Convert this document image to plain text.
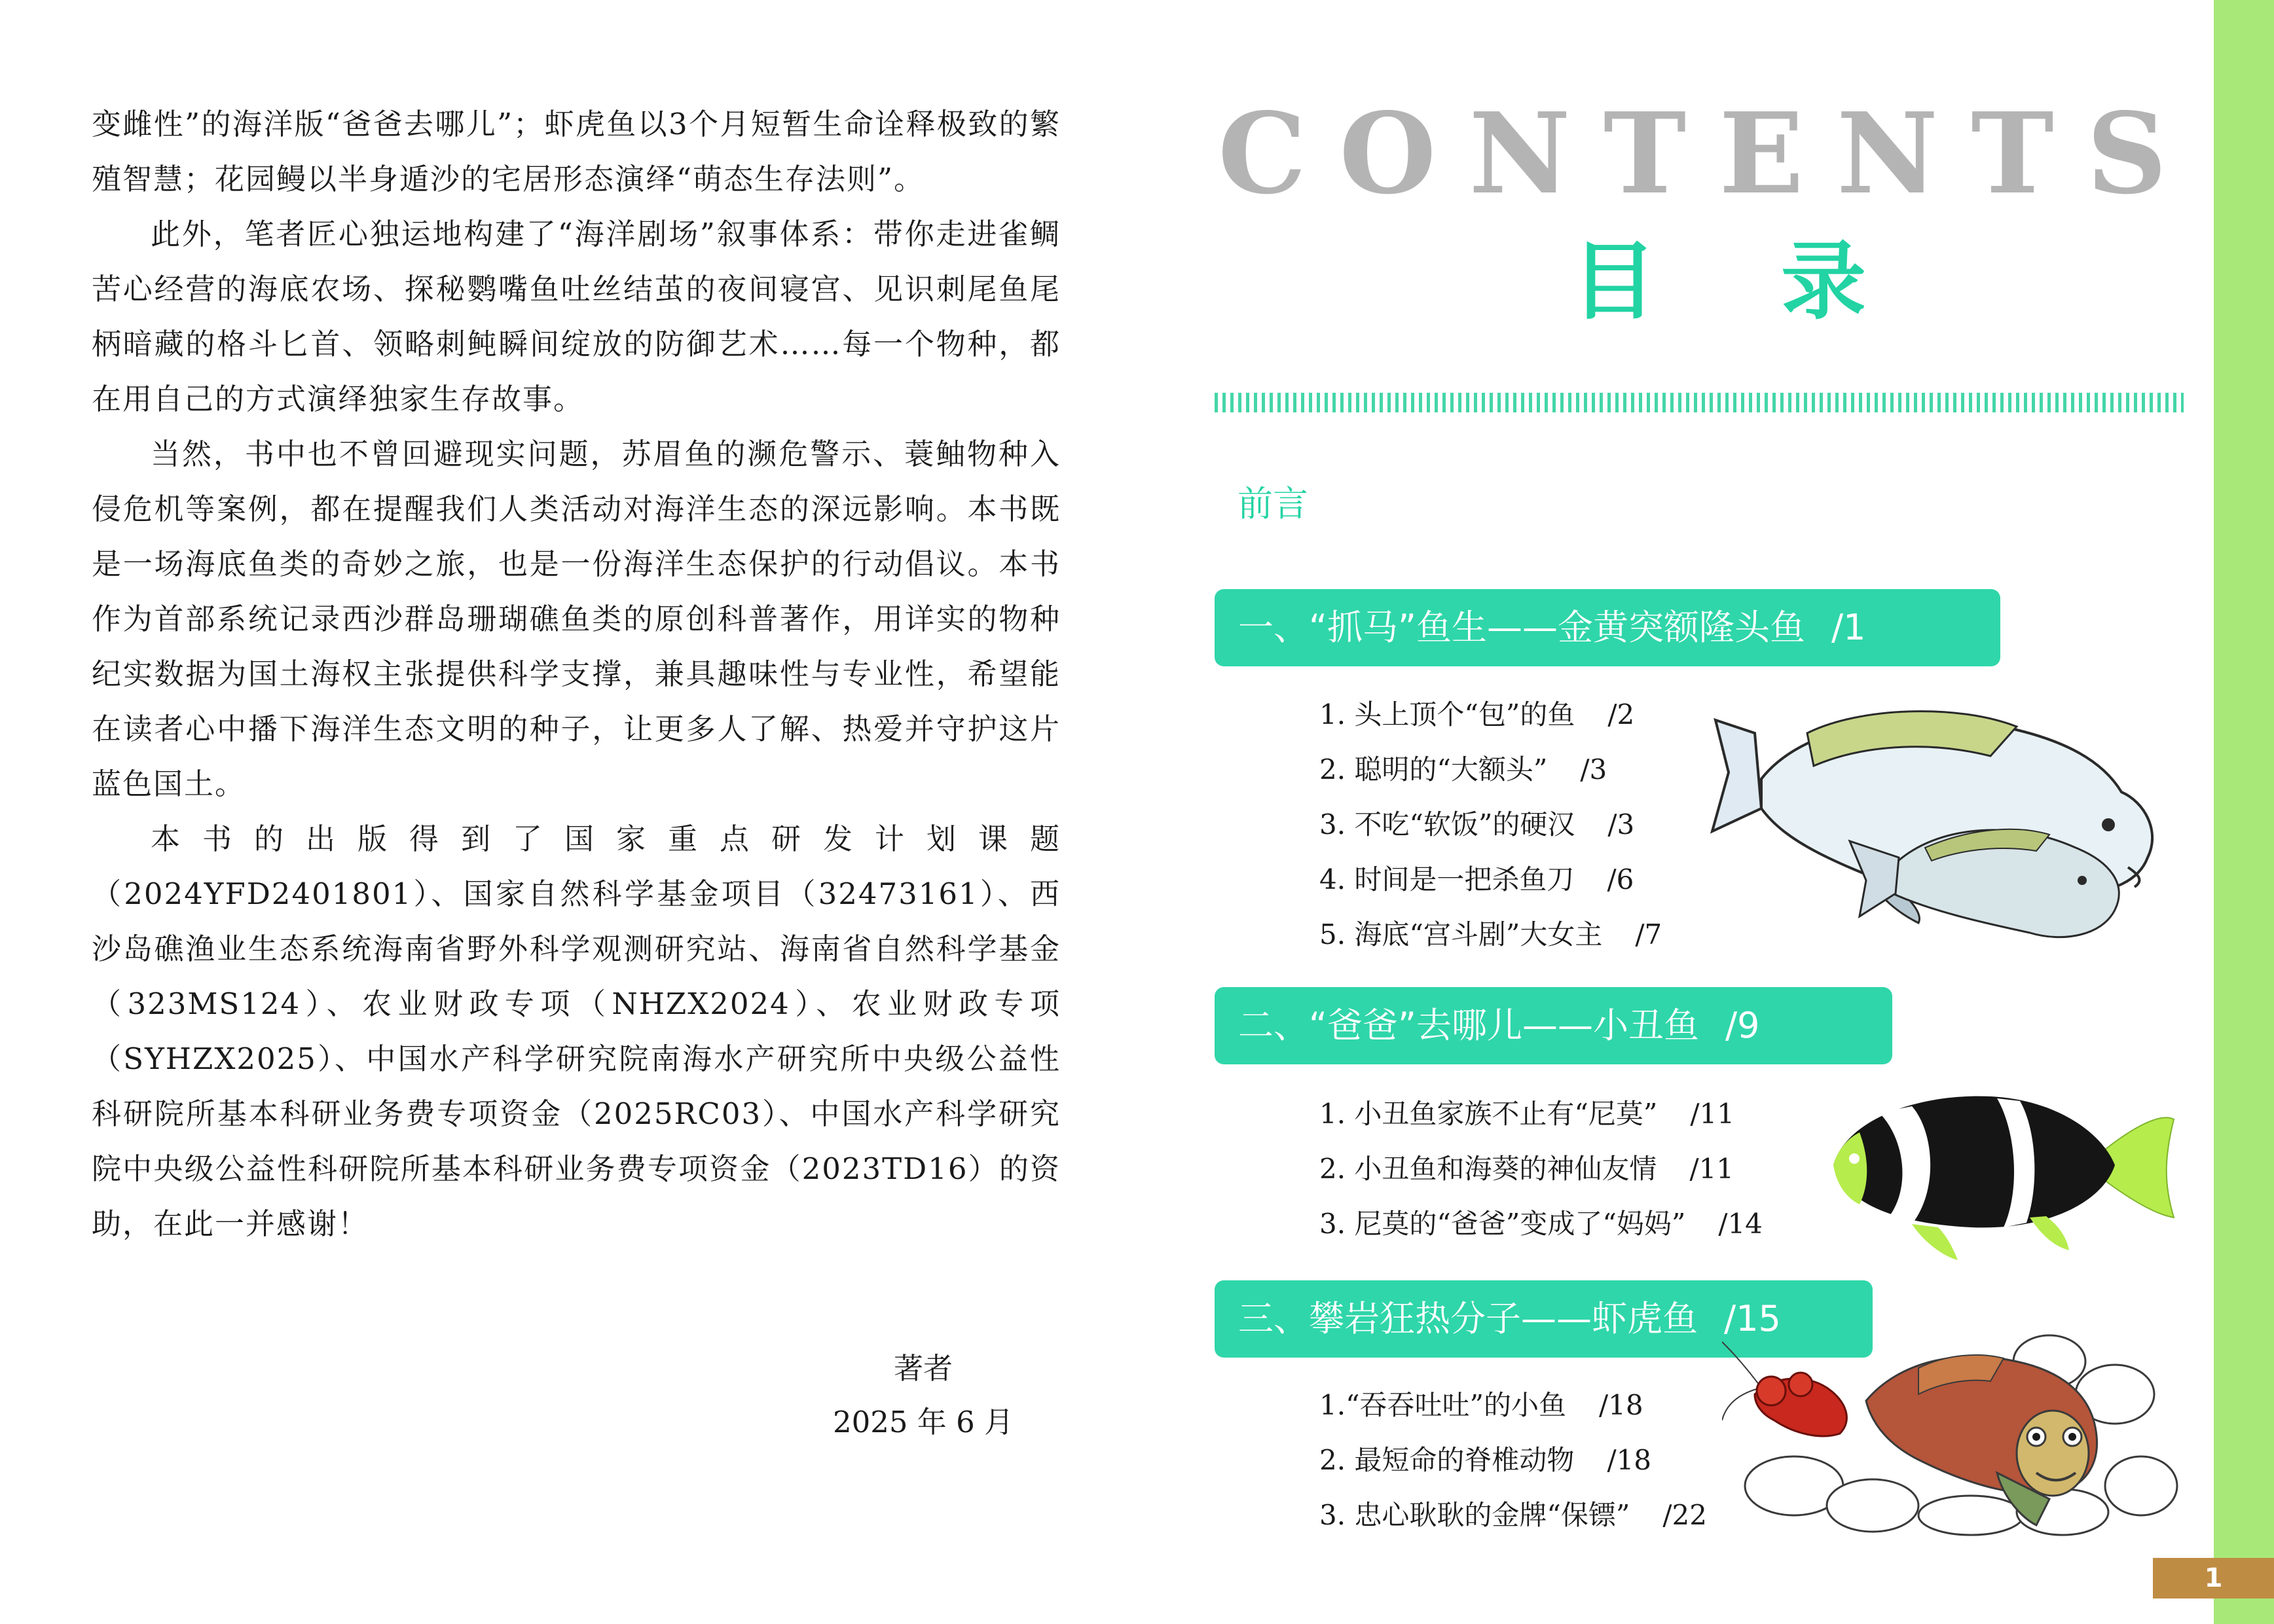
变雌性”的海洋版“爸爸去哪儿”；虾虎鱼以3个月短暂生命诠释极致的繁殖智慧；花园鳗以半身遁沙的宅居形态演绎“萌态生存法则”。

此外，笔者匠心独运地构建了“海洋剧场”叙事体系：带你走进雀鲷苦心经营的海底农场、探秘鹦嘴鱼吐丝结茧的夜间寝宫、见识刺尾鱼尾柄暗藏的格斗匕首、领略刺鲀瞬间绽放的防御艺术……每一个物种，都在用自己的方式演绎独家生存故事。

当然，书中也不曾回避现实问题，苏眉鱼的濒危警示、蓑鲉物种入侵危机等案例，都在提醒我们人类活动对海洋生态的深远影响。本书既是一场海底鱼类的奇妙之旅，也是一份海洋生态保护的行动倡议。本书作为首部系统记录西沙群岛珊瑚礁鱼类的原创科普著作，用详实的物种纪实数据为国土海权主张提供科学支撑，兼具趣味性与专业性，希望能在读者心中播下海洋生态文明的种子，让更多人了解、热爱并守护这片蓝色国土。

本书的出版得到了国家重点研发计划课题（2024YFD2401801）、国家自然科学基金项目（32473161）、西沙岛礁渔业生态系统海南省野外科学观测研究站、海南省自然科学基金（323MS124）、农业财政专项（NHZX2024）、农业财政专项（SYHZX2025）、中国水产科学研究院南海水产研究所中央级公益性科研院所基本科研业务费专项资金（2025RC03）、中国水产科学研究院中央级公益性科研院所基本科研业务费专项资金（2023TD16）的资助，在此一并感谢！

著者
2025 年 6 月
CONTENTS
目 录
前言
一、“抓马”鱼生——金黄突额隆头鱼 /1
1. 头上顶个“包”的鱼 /2
2. 聪明的“大额头” /3
3. 不吃“软饭”的硬汉 /3
4. 时间是一把杀鱼刀 /6
5. 海底“宫斗剧”大女主 /7
二、“爸爸”去哪儿——小丑鱼 /9
1. 小丑鱼家族不止有“尼莫” /11
2. 小丑鱼和海葵的神仙友情 /11
3. 尼莫的“爸爸”变成了“妈妈” /14
三、攀岩狂热分子——虾虎鱼 /15
1.“吞吞吐吐”的小鱼 /18
2. 最短命的脊椎动物 /18
3. 忠心耿耿的金牌“保镖” /22
1
